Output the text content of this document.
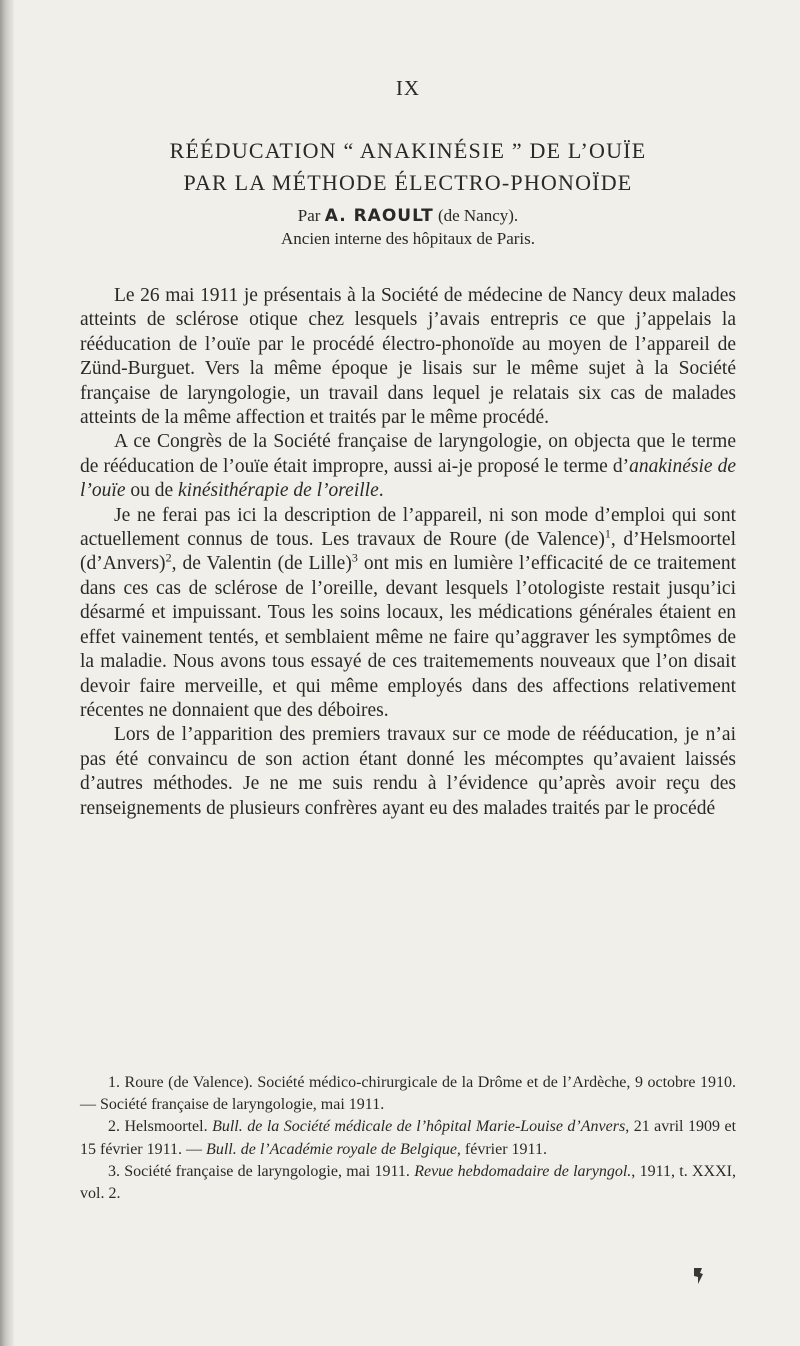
IX
RÉÉDUCATION “ ANAKINÉSIE ” DE L’OUÏE
PAR LA MÉTHODE ÉLECTRO-PHONOÏDE
Par A. RAOULT (de Nancy).
Ancien interne des hôpitaux de Paris.

Le 26 mai 1911 je présentais à la Société de médecine de Nancy deux malades atteints de sclérose otique chez lesquels j’avais entrepris ce que j’appelais la rééducation de l’ouïe par le procédé électro-phonoïde au moyen de l’appareil de Zünd-Burguet. Vers la même époque je lisais sur le même sujet à la Société française de laryngologie, un travail dans lequel je relatais six cas de malades atteints de la même affection et traités par le même procédé.

A ce Congrès de la Société française de laryngologie, on objecta que le terme de rééducation de l’ouïe était impropre, aussi ai-je proposé le terme d’anakinésie de l’ouïe ou de kinésithérapie de l’oreille.

Je ne ferai pas ici la description de l’appareil, ni son mode d’emploi qui sont actuellement connus de tous. Les travaux de Roure (de Valence)$^1$, d’Helsmoortel (d’Anvers)$^2$, de Valentin (de Lille)$^3$ ont mis en lumière l’efficacité de ce traitement dans ces cas de sclérose de l’oreille, devant lesquels l’otologiste restait jusqu’ici désarmé et impuissant. Tous les soins locaux, les médications générales étaient en effet vainement tentés, et semblaient même ne faire qu’aggraver les symptômes de la maladie. Nous avons tous essayé de ces traitemements nouveaux que l’on disait devoir faire merveille, et qui même employés dans des affections relativement récentes ne donnaient que des déboires.

Lors de l’apparition des premiers travaux sur ce mode de rééducation, je n’ai pas été convaincu de son action étant donné les mécomptes qu’avaient laissés d’autres méthodes. Je ne me suis rendu à l’évidence qu’après avoir reçu des renseignements de plusieurs confrères ayant eu des malades traités par le procédé

1. Roure (de Valence). Société médico-chirurgicale de la Drôme et de l’Ardèche, 9 octobre 1910. — Société française de laryngologie, mai 1911.

2. Helsmoortel. Bull. de la Société médicale de l’hôpital Marie-Louise d’Anvers, 21 avril 1909 et 15 février 1911. — Bull. de l’Académie royale de Belgique, février 1911.

3. Société française de laryngologie, mai 1911. Revue hebdomadaire de laryngol., 1911, t. XXXI, vol. 2.
